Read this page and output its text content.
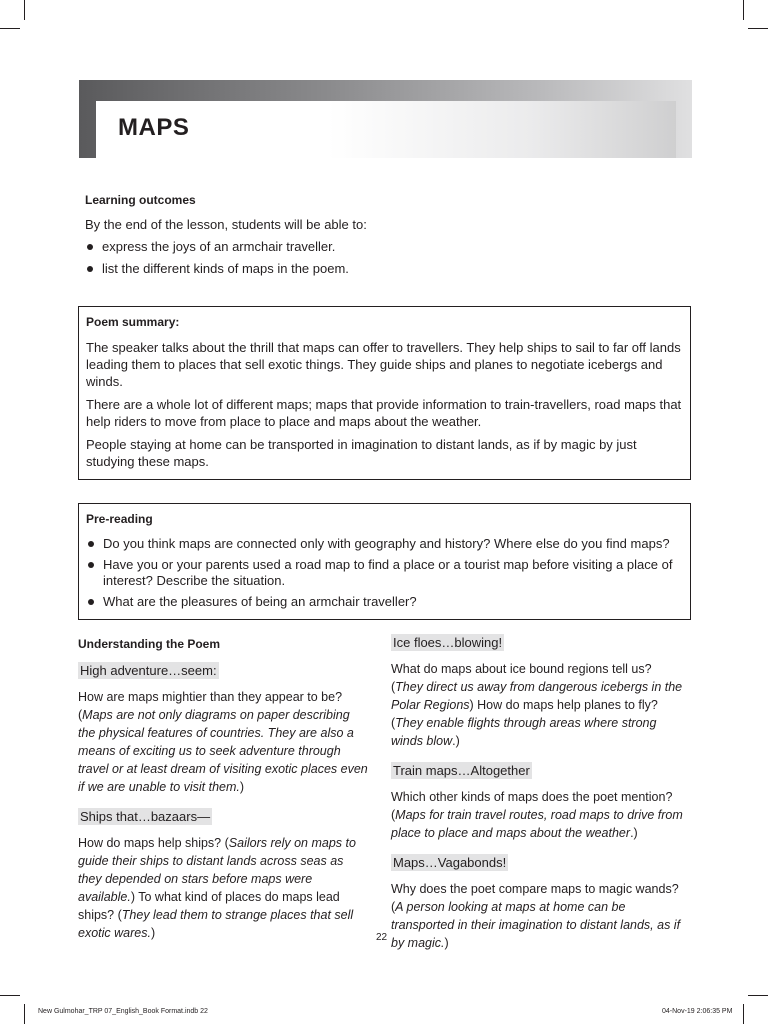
MAPS
Learning outcomes
By the end of the lesson, students will be able to:
express the joys of an armchair traveller.
list the different kinds of maps in the poem.
Poem summary:

The speaker talks about the thrill that maps can offer to travellers. They help ships to sail to far off lands leading them to places that sell exotic things. They guide ships and planes to negotiate icebergs and winds.

There are a whole lot of different maps; maps that provide information to train-travellers, road maps that help riders to move from place to place and maps about the weather.

People staying at home can be transported in imagination to distant lands, as if by magic by just studying these maps.

Pre-reading
Do you think maps are connected only with geography and history? Where else do you find maps?
Have you or your parents used a road map to find a place or a tourist map before visiting a place of interest? Describe the situation.
What are the pleasures of being an armchair traveller?
Understanding the Poem
High adventure…seem:

How are maps mightier than they appear to be?
(Maps are not only diagrams on paper describing the physical features of countries. They are also a means of exciting us to seek adventure through travel or at least dream of visiting exotic places even if we are unable to visit them.)

Ships that…bazaars—

How do maps help ships? (Sailors rely on maps to guide their ships to distant lands across seas as they depended on stars before maps were available.) To what kind of places do maps lead ships? (They lead them to strange places that sell exotic wares.)

Ice floes…blowing!

What do maps about ice bound regions tell us?
(They direct us away from dangerous icebergs in the Polar Regions) How do maps help planes to fly? (They enable flights through areas where strong winds blow.)

Train maps…Altogether

Which other kinds of maps does the poet mention?
(Maps for train travel routes, road maps to drive from place to place and maps about the weather.)

Maps…Vagabonds!

Why does the poet compare maps to magic wands?
(A person looking at maps at home can be transported in their imagination to distant lands, as if by magic.)

22
New Gulmohar_TRP 07_English_Book Format.indb 22	04-Nov-19 2:06:35 PM
